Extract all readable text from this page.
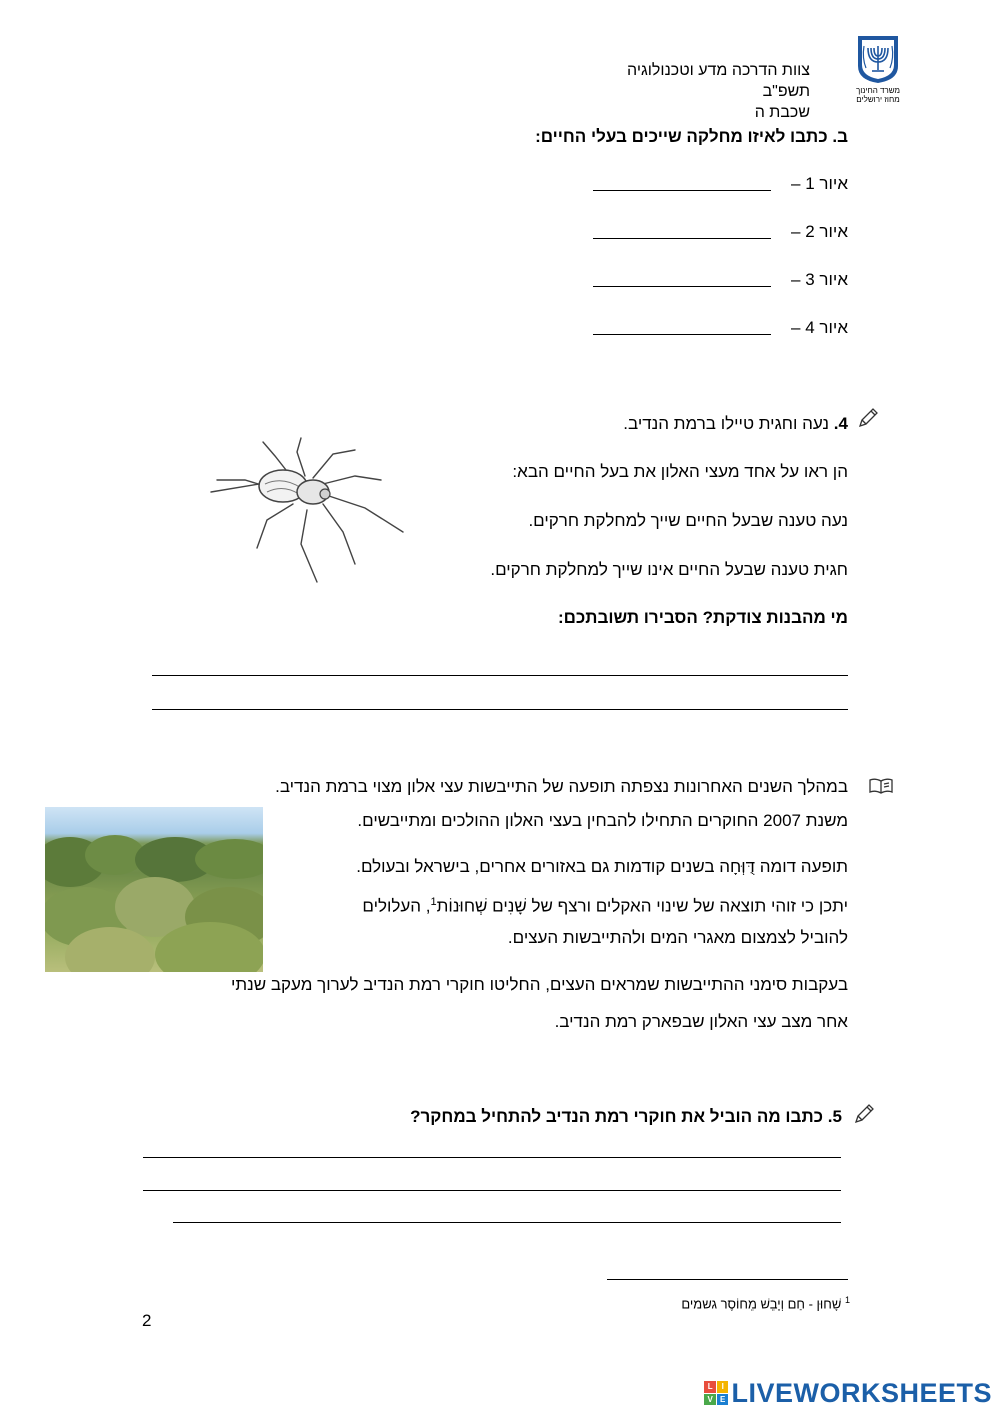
צוות הדרכה מדע וטכנולוגיה
תשפ"ב
שכבת ה
משרד החינוך מחוז ירושלים
ב. כתבו לאיזו מחלקה שייכים בעלי החיים:
איור 1 –
איור 2 –
איור 3 –
איור 4 –
4. נעה וחגית טיילו ברמת הנדיב.
הן ראו על אחד מעצי האלון את בעל החיים הבא:
נעה טענה שבעל החיים שייך למחלקת חרקים.
חגית טענה שבעל החיים אינו שייך למחלקת חרקים.
מי מהבנות צודקת? הסבירו תשובתכם:
במהלך השנים האחרונות נצפתה תופעה של התייבשות עצי אלון מצוי ברמת הנדיב.
משנת 2007 החוקרים התחילו להבחין בעצי האלון ההולכים ומתייבשים.
תופעה דומה דֻּוְּחָה בשנים קודמות גם באזורים אחרים, בישראל ובעולם.
יתכן כי זוהי תוצאה של שינוי האקלים ורצף של שָׁנִים שְׁחוּנוֹת$^1$, העלולים
להוביל לצמצום מאגרי המים ולהתייבשות העצים.
בעקבות סימני ההתייבשות שמראים העצים, החליטו חוקרי רמת הנדיב לערוך מעקב שנתי
אחר מצב עצי האלון שבפארק רמת הנדיב.
5. כתבו מה הוביל את חוקרי רמת הנדיב להתחיל במחקר?
$^1$ שָׁחוּן - חַם וְיָבֵשׁ מֵחוֹסֶר גשמים
2
L	I
V E LIVEWORKSHEETS
